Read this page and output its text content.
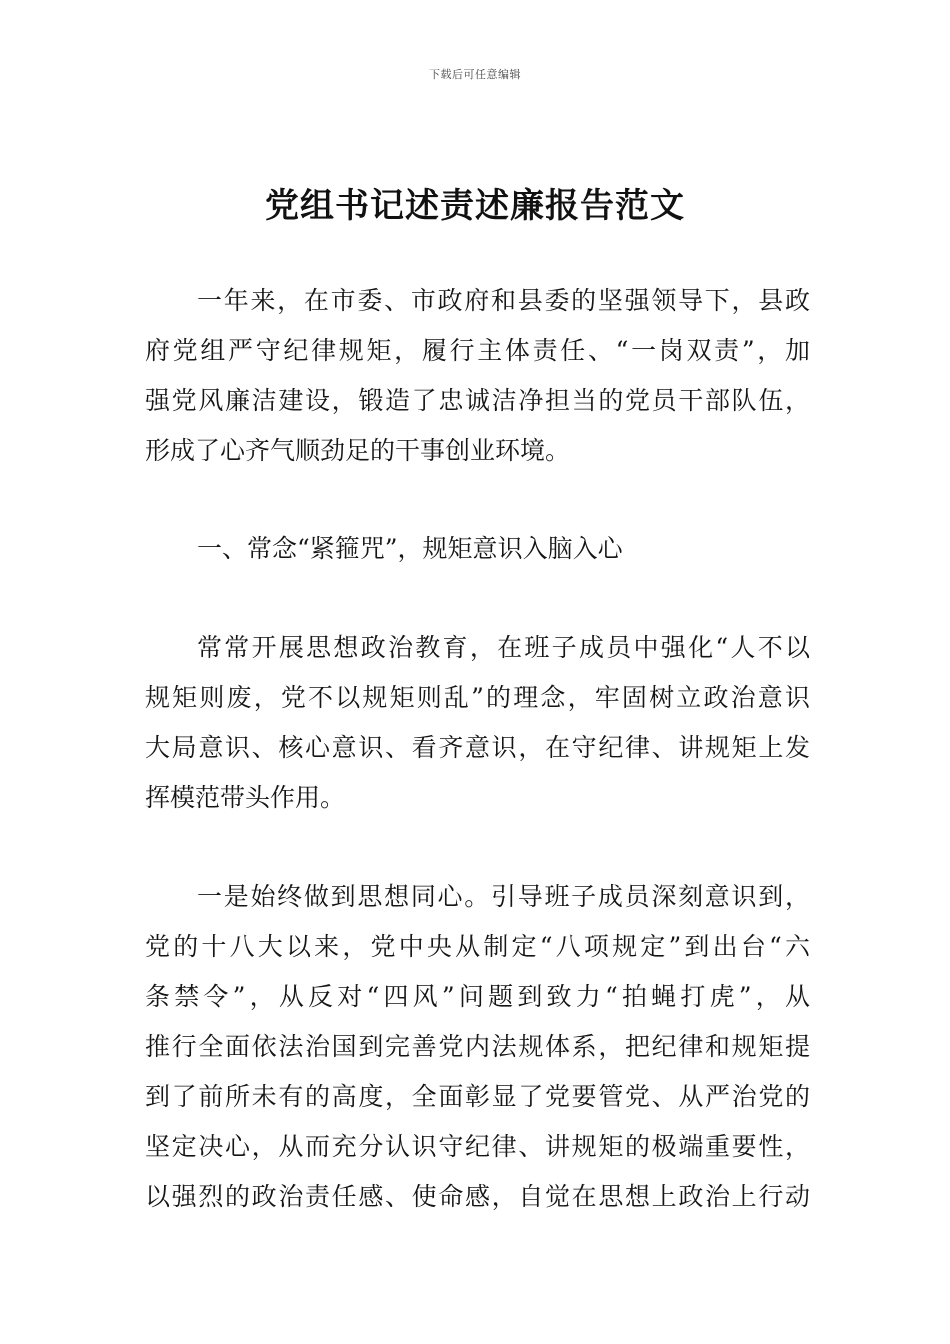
下载后可任意编辑
党组书记述责述廉报告范文
一年来，在市委、市政府和县委的坚强领导下，县政
府党组严守纪律规矩，履行主体责任、“一岗双责”，加
强党风廉洁建设，锻造了忠诚洁净担当的党员干部队伍，
形成了心齐气顺劲足的干事创业环境。
一、常念“紧箍咒”，规矩意识入脑入心
常常开展思想政治教育，在班子成员中强化“人不以
规矩则废，党不以规矩则乱”的理念，牢固树立政治意识
大局意识、核心意识、看齐意识，在守纪律、讲规矩上发
挥模范带头作用。
一是始终做到思想同心。引导班子成员深刻意识到，
党的十八大以来，党中央从制定“八项规定”到出台“六
条禁令”，从反对“四风”问题到致力“拍蝇打虎”，从
推行全面依法治国到完善党内法规体系，把纪律和规矩提
到了前所未有的高度，全面彰显了党要管党、从严治党的
坚定决心，从而充分认识守纪律、讲规矩的极端重要性，
以强烈的政治责任感、使命感，自觉在思想上政治上行动
